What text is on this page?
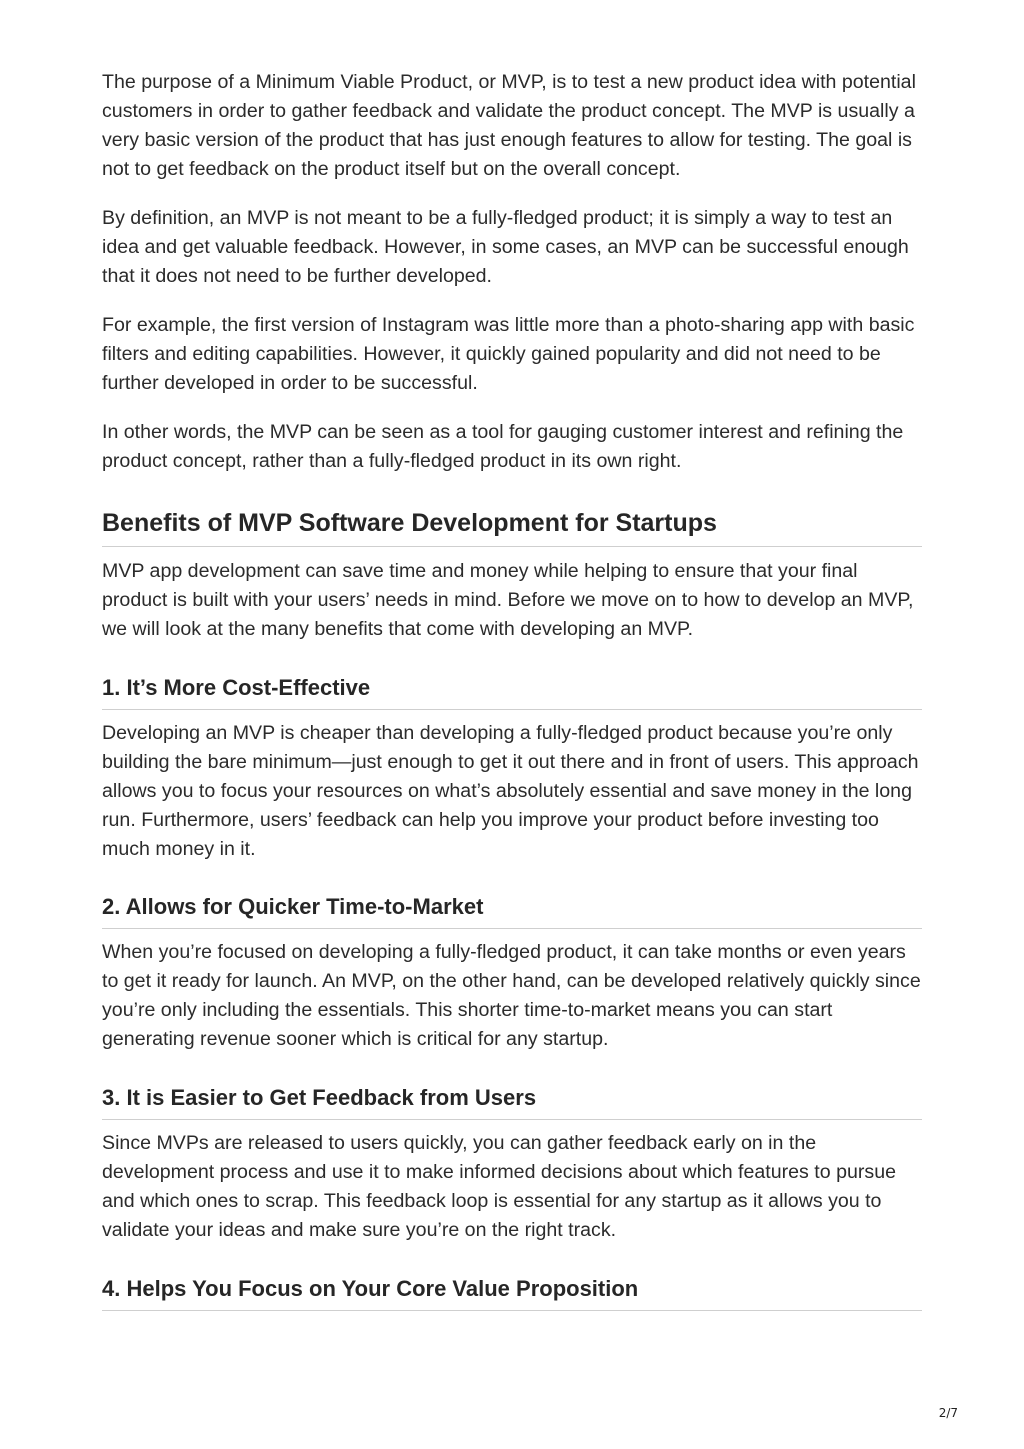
The purpose of a Minimum Viable Product, or MVP, is to test a new product idea with potential customers in order to gather feedback and validate the product concept. The MVP is usually a very basic version of the product that has just enough features to allow for testing. The goal is not to get feedback on the product itself but on the overall concept.

By definition, an MVP is not meant to be a fully-fledged product; it is simply a way to test an idea and get valuable feedback. However, in some cases, an MVP can be successful enough that it does not need to be further developed.

For example, the first version of Instagram was little more than a photo-sharing app with basic filters and editing capabilities. However, it quickly gained popularity and did not need to be further developed in order to be successful.

In other words, the MVP can be seen as a tool for gauging customer interest and refining the product concept, rather than a fully-fledged product in its own right.

Benefits of MVP Software Development for Startups

MVP app development can save time and money while helping to ensure that your final product is built with your users’ needs in mind. Before we move on to how to develop an MVP, we will look at the many benefits that come with developing an MVP.

1. It’s More Cost-Effective

Developing an MVP is cheaper than developing a fully-fledged product because you’re only building the bare minimum—just enough to get it out there and in front of users. This approach allows you to focus your resources on what’s absolutely essential and save money in the long run. Furthermore, users’ feedback can help you improve your product before investing too much money in it.

2. Allows for Quicker Time-to-Market

When you’re focused on developing a fully-fledged product, it can take months or even years to get it ready for launch. An MVP, on the other hand, can be developed relatively quickly since you’re only including the essentials. This shorter time-to-market means you can start generating revenue sooner which is critical for any startup.

3. It is Easier to Get Feedback from Users

Since MVPs are released to users quickly, you can gather feedback early on in the development process and use it to make informed decisions about which features to pursue and which ones to scrap. This feedback loop is essential for any startup as it allows you to validate your ideas and make sure you’re on the right track.

4. Helps You Focus on Your Core Value Proposition
2/7
